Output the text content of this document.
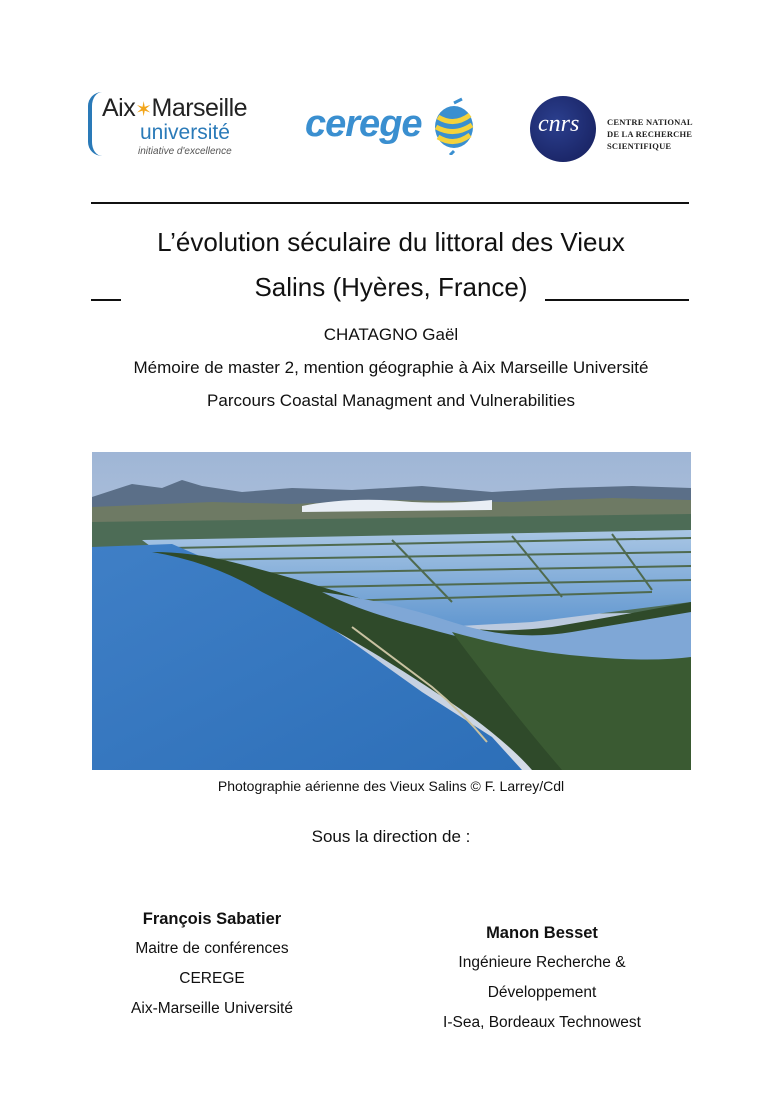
Aix✶Marseille
université
initiative d'excellence
cerege	cnrs	CENTRE NATIONAL
DE LA RECHERCHE
SCIENTIFIQUE
L’évolution séculaire du littoral des Vieux
Salins (Hyères, France)
CHATAGNO Gaël
Mémoire de master 2, mention géographie à Aix Marseille Université
Parcours Coastal Managment and Vulnerabilities
Photographie aérienne des Vieux Salins © F. Larrey/Cdl
Sous la direction de :
François Sabatier
Maitre de conférences
CEREGE
Aix-Marseille Université
Manon Besset
Ingénieure Recherche &
Développement
I-Sea, Bordeaux Technowest
